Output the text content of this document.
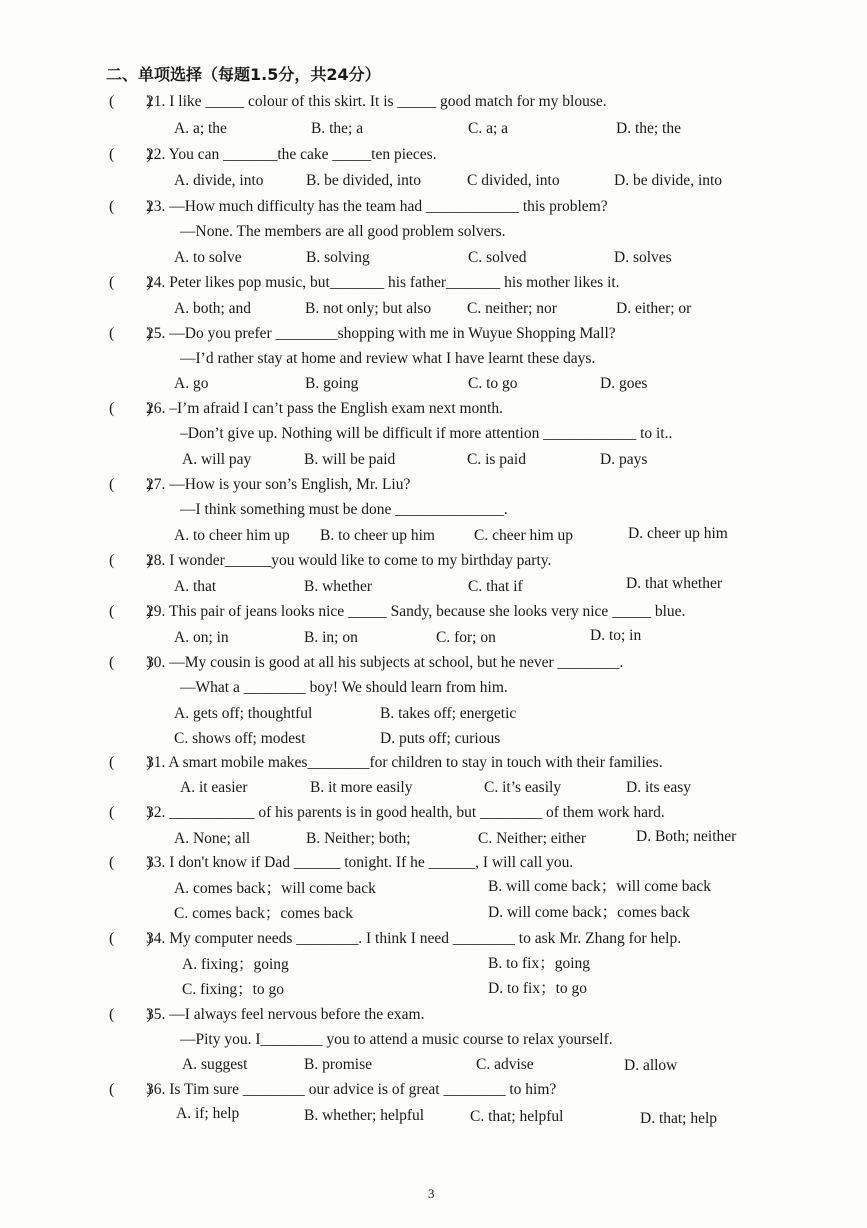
二、单项选择（每题1.5分，共24分）
(        )
21. I like _____ colour of this skirt. It is _____ good match for my blouse.
A. a; the	B. the; a	C. a; a	D. the; the
(        )
22. You can _______the cake _____ten pieces.
A. divide, into	B. be divided, into	C divided, into	D. be divide, into
(        )
23. —How much difficulty has the team had ____________ this problem?
—None. The members are all good problem solvers.
A. to solve	B. solving	C. solved	D. solves
(        )
24. Peter likes pop music, but_______ his father_______ his mother likes it.
A. both; and	B. not only; but also C. neither; nor	D. either; or
(        )
25. —Do you prefer ________shopping with me in Wuyue Shopping Mall?
—I’d rather stay at home and review what I have learnt these days.
A. go	B. going	C. to go	D. goes
(        )
26. –I’m afraid I can’t pass the English exam next month.
–Don’t give up. Nothing will be difficult if more attention ____________ to it..
A. will pay	B. will be paid	C. is paid	D. pays
(        )
27. —How is your son’s English, Mr. Liu?
—I think something must be done ______________.
A. to cheer him up B. to cheer up him	C. cheer him up	D. cheer up him
(        )
28. I wonder______you would like to come to my birthday party.
A. that	B. whether	C. that if	D. that whether
(        )
29. This pair of jeans looks nice _____ Sandy, because she looks very nice _____ blue.
A. on; in	B. in; on	C. for; on	D. to; in
(        )
30. —My cousin is good at all his subjects at school, but he never ________.
—What a ________ boy! We should learn from him.
A. gets off; thoughtful	B. takes off; energetic
C. shows off; modest	D. puts off; curious
(        )
31. A smart mobile makes________for children to stay in touch with their families.
A. it easier	B. it more easily	C. it’s easily	D. its easy
(        )
32. ___________ of his parents is in good health, but ________ of them work hard.
A. None; all	B. Neither; both;	C. Neither; either	D. Both; neither
(        )
33. I don't know if Dad ______ tonight. If he ______, I will call you.
A. comes back；will come back	B. will come back；will come back
C. comes back；comes back	D. will come back；comes back
(        )
34. My computer needs ________. I think I need ________ to ask Mr. Zhang for help.
A. fixing；going	B. to fix；going
C. fixing；to go	D. to fix；to go
(        )
35. —I always feel nervous before the exam.
—Pity you. I________ you to attend a music course to relax yourself.
A. suggest	B. promise	C. advise	D. allow
(        )
36. Is Tim sure ________ our advice is of great ________ to him?
A. if; help	B. whether; helpful	C. that; helpful	D. that; help
3
